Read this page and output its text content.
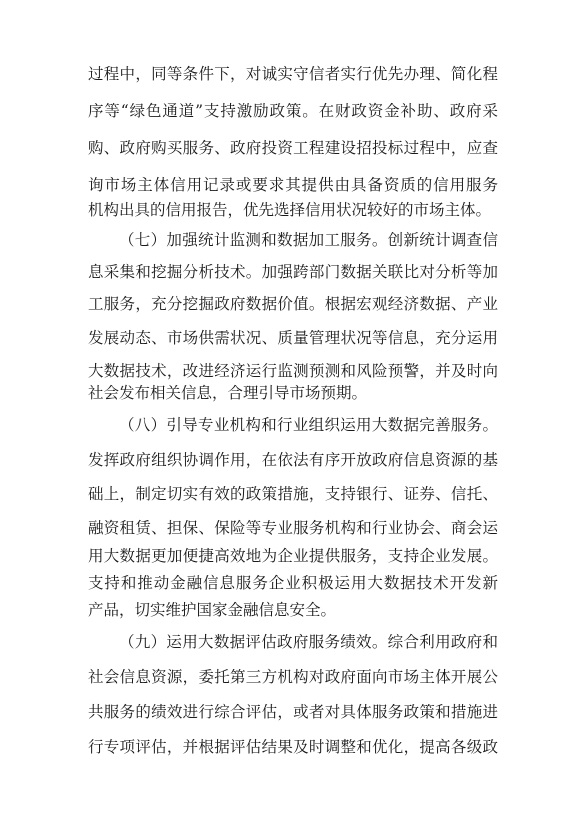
过程中，同等条件下，对诚实守信者实行优先办理、简化程
序等“绿色通道”支持激励政策。在财政资金补助、政府采
购、政府购买服务、政府投资工程建设招投标过程中，应查
询市场主体信用记录或要求其提供由具备资质的信用服务
机构出具的信用报告，优先选择信用状况较好的市场主体。
（七）加强统计监测和数据加工服务。创新统计调查信
息采集和挖掘分析技术。加强跨部门数据关联比对分析等加
工服务，充分挖掘政府数据价值。根据宏观经济数据、产业
发展动态、市场供需状况、质量管理状况等信息，充分运用
大数据技术，改进经济运行监测预测和风险预警，并及时向
社会发布相关信息，合理引导市场预期。
（八）引导专业机构和行业组织运用大数据完善服务。
发挥政府组织协调作用，在依法有序开放政府信息资源的基
础上，制定切实有效的政策措施，支持银行、证券、信托、
融资租赁、担保、保险等专业服务机构和行业协会、商会运
用大数据更加便捷高效地为企业提供服务，支持企业发展。
支持和推动金融信息服务企业积极运用大数据技术开发新
产品，切实维护国家金融信息安全。
（九）运用大数据评估政府服务绩效。综合利用政府和
社会信息资源，委托第三方机构对政府面向市场主体开展公
共服务的绩效进行综合评估，或者对具体服务政策和措施进
行专项评估，并根据评估结果及时调整和优化，提高各级政
